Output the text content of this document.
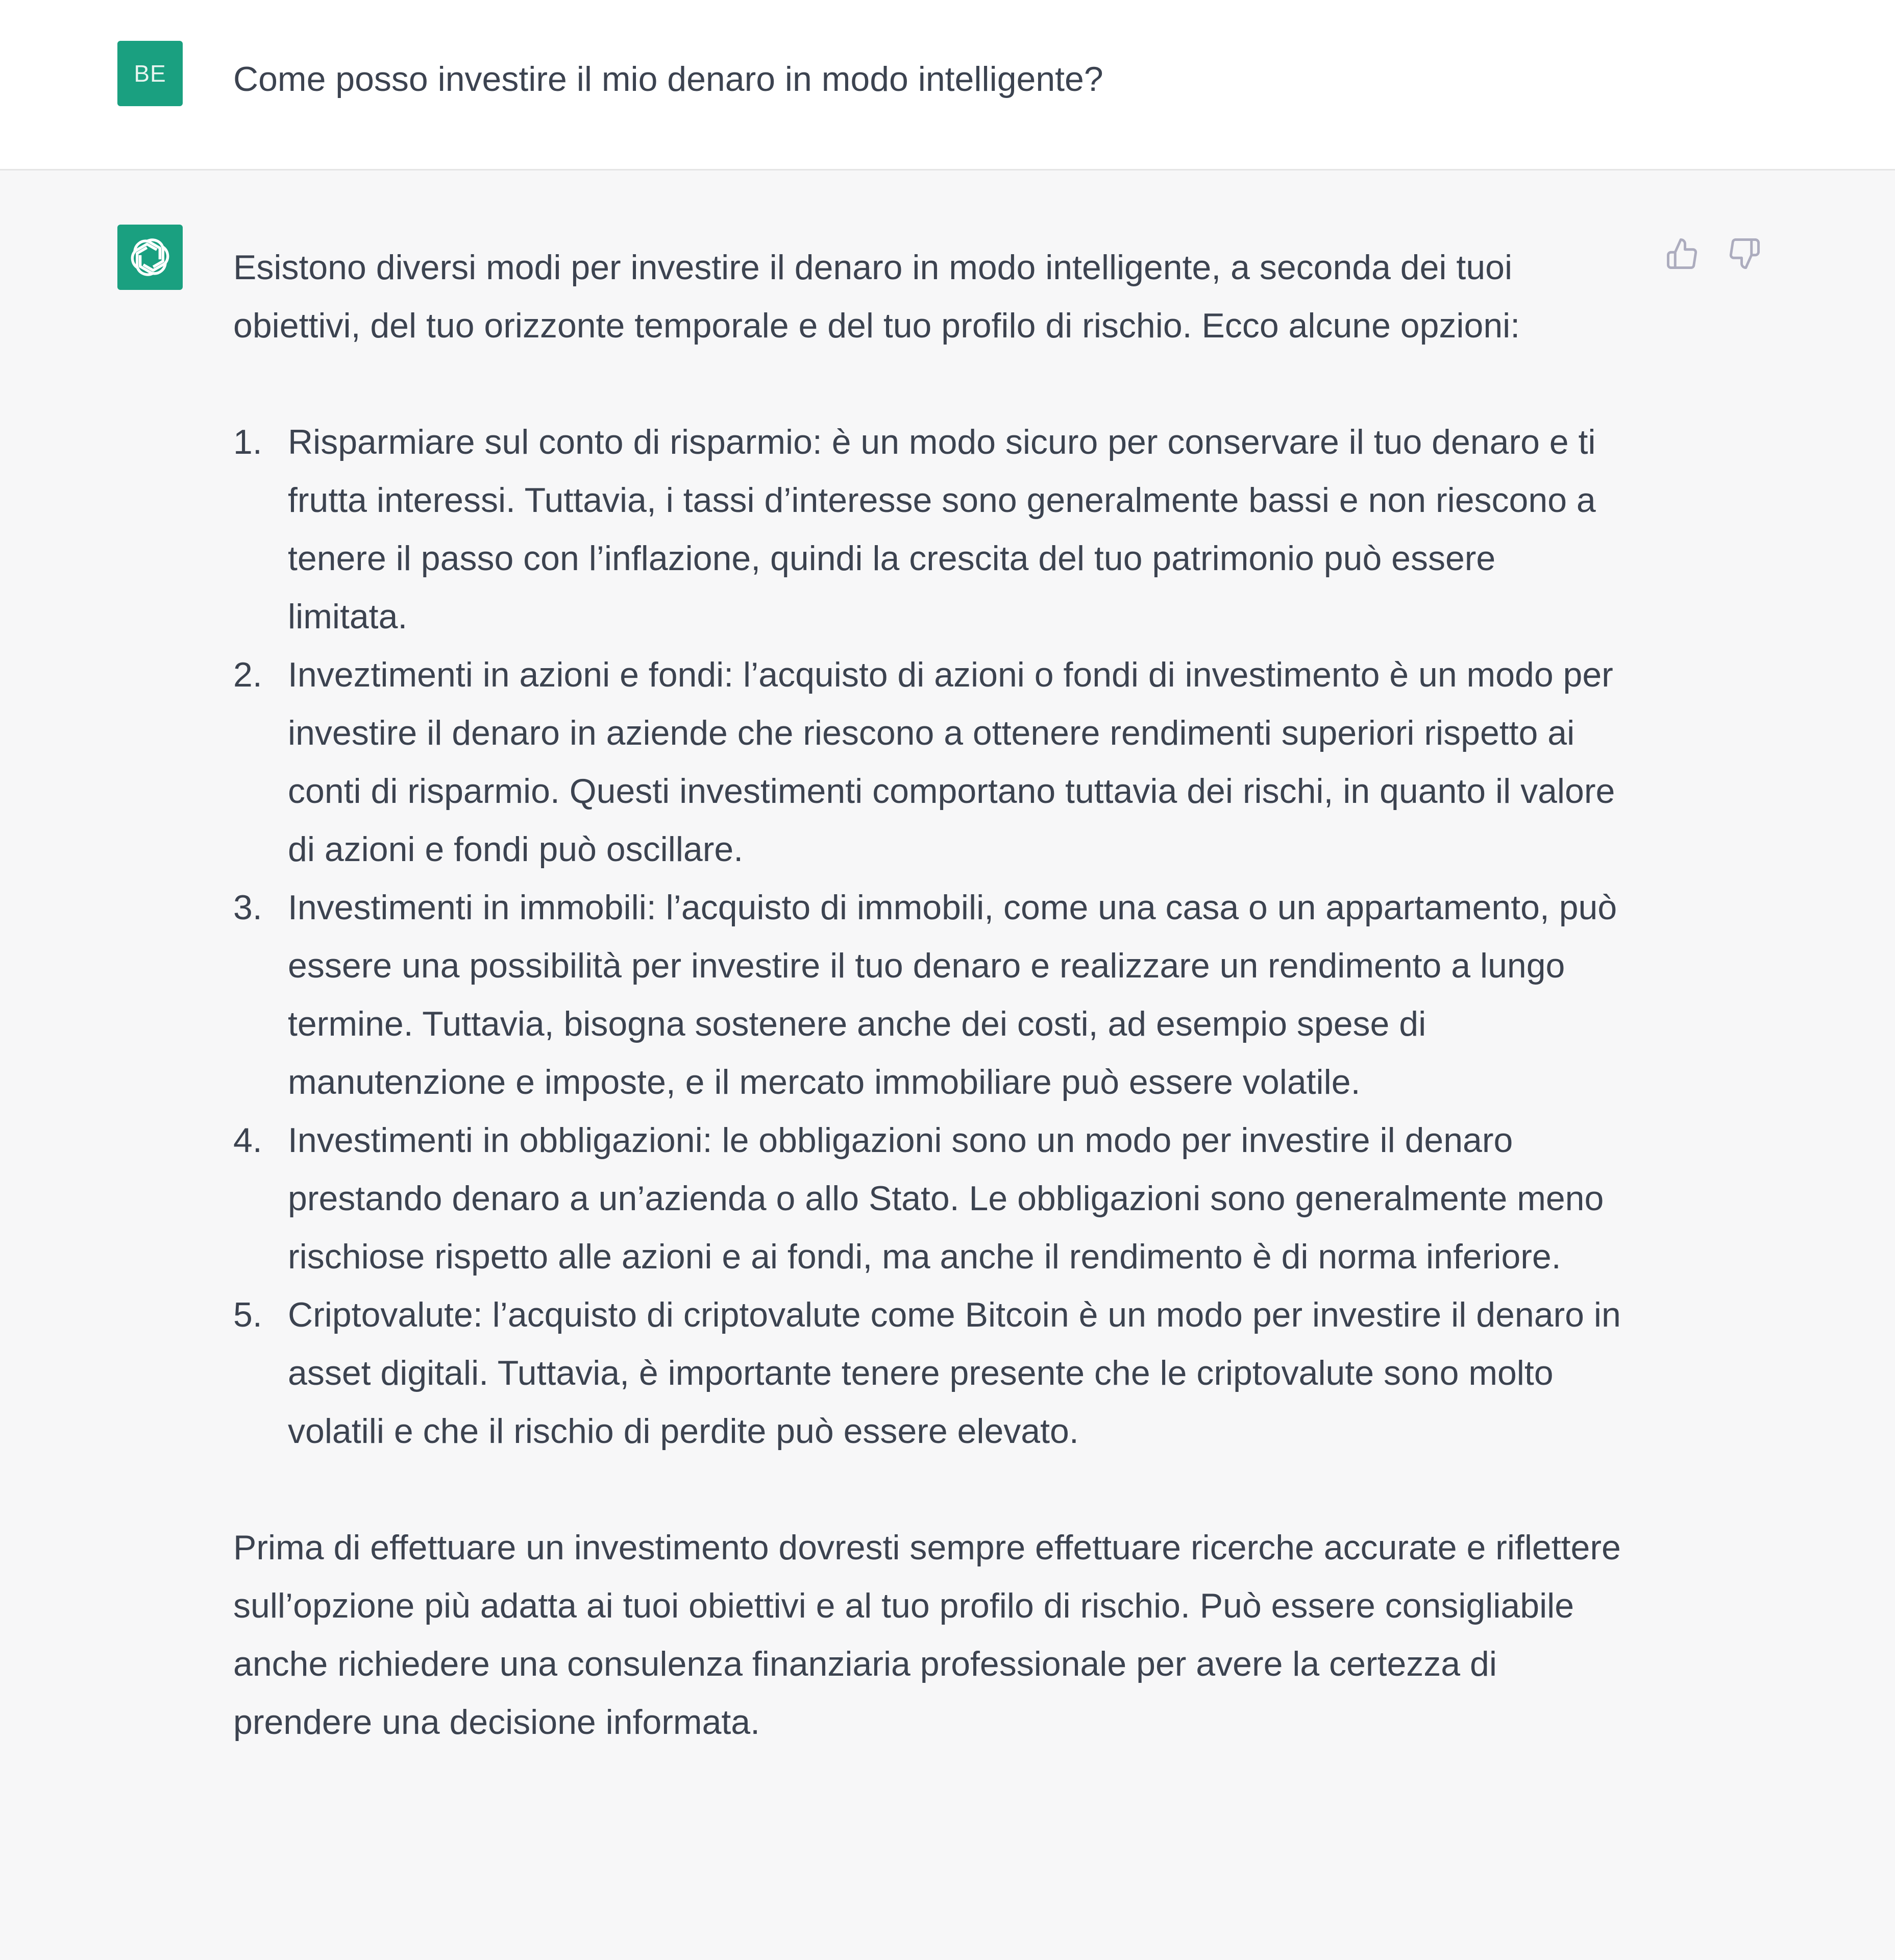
BE Come posso investire il mio denaro in modo intelligente?

Esistono diversi modi per investire il denaro in modo intelligente, a seconda dei tuoi obiettivi, del tuo orizzonte temporale e del tuo profilo di rischio. Ecco alcune opzioni:

1. Risparmiare sul conto di risparmio: è un modo sicuro per conservare il tuo denaro e ti frutta interessi. Tuttavia, i tassi d’interesse sono generalmente bassi e non riescono a tenere il passo con l’inflazione, quindi la crescita del tuo patrimonio può essere limitata.
2. Inveztimenti in azioni e fondi: l’acquisto di azioni o fondi di investimento è un modo per investire il denaro in aziende che riescono a ottenere rendimenti superiori rispetto ai conti di risparmio. Questi investimenti comportano tuttavia dei rischi, in quanto il valore di azioni e fondi può oscillare.
3. Investimenti in immobili: l’acquisto di immobili, come una casa o un appartamento, può essere una possibilità per investire il tuo denaro e realizzare un rendimento a lungo termine. Tuttavia, bisogna sostenere anche dei costi, ad esempio spese di manutenzione e imposte, e il mercato immobiliare può essere volatile.
4. Investimenti in obbligazioni: le obbligazioni sono un modo per investire il denaro prestando denaro a un’azienda o allo Stato. Le obbligazioni sono generalmente meno rischiose rispetto alle azioni e ai fondi, ma anche il rendimento è di norma inferiore.
5. Criptovalute: l’acquisto di criptovalute come Bitcoin è un modo per investire il denaro in asset digitali. Tuttavia, è importante tenere presente che le criptovalute sono molto volatili e che il rischio di perdite può essere elevato.

Prima di effettuare un investimento dovresti sempre effettuare ricerche accurate e riflettere sull’opzione più adatta ai tuoi obiettivi e al tuo profilo di rischio. Può essere consigliabile anche richiedere una consulenza finanziaria professionale per avere la certezza di prendere una decisione informata.
